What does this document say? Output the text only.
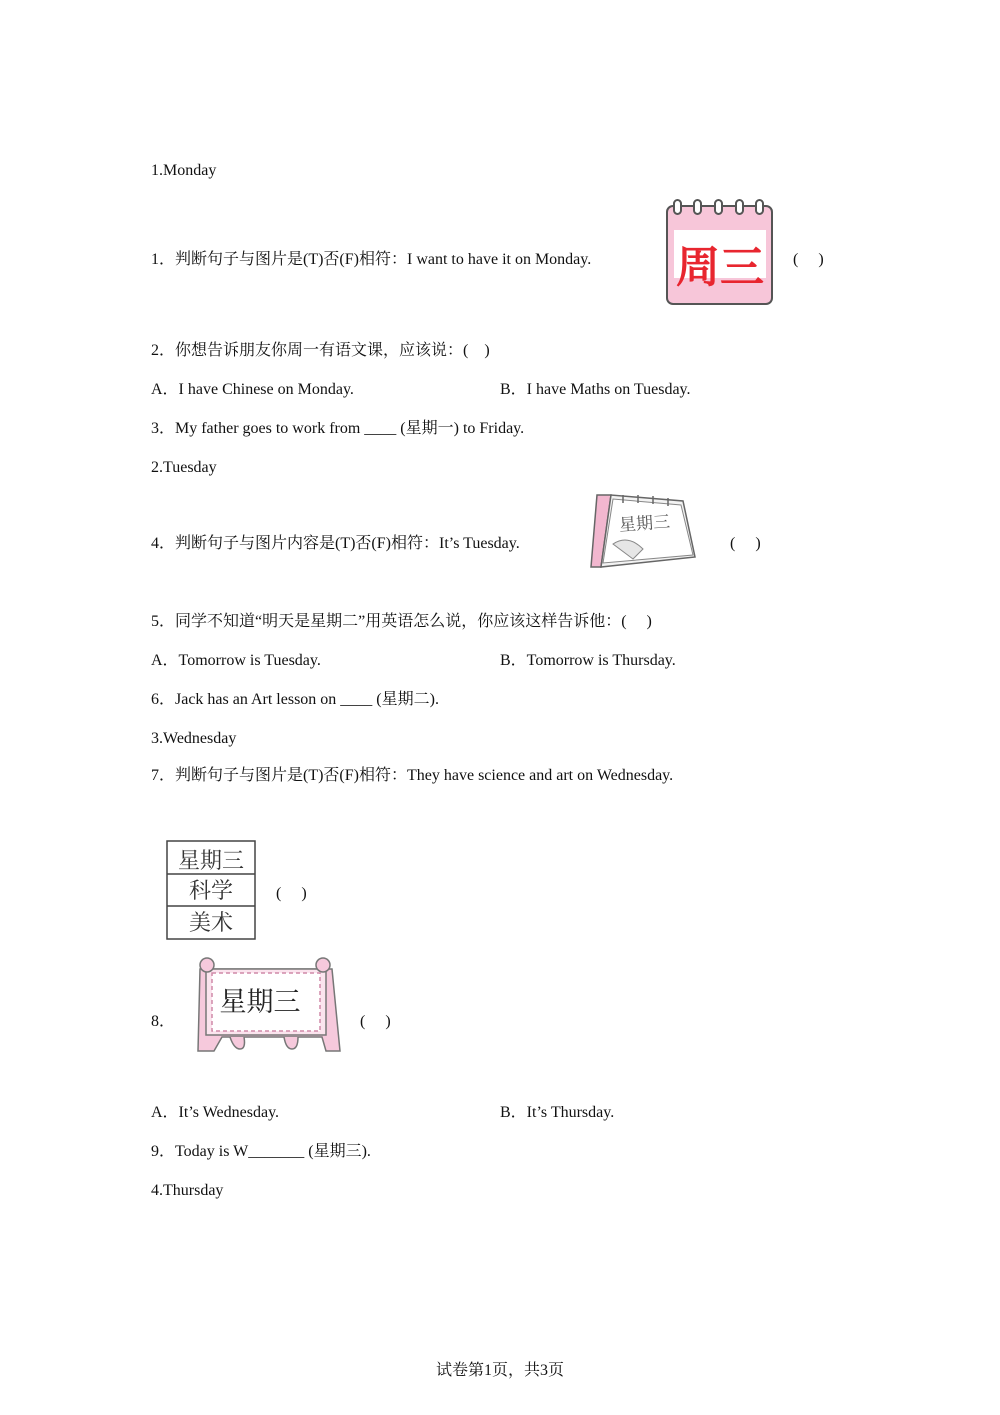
1.Monday
1．判断句子与图片是(T)否(F)相符：I want to have it on Monday. 周三 (　 )
2．你想告诉朋友你周一有语文课，应该说：(　)
A．I have Chinese on Monday.	B．I have Maths on Tuesday.
3．My father goes to work from ____ (星期一) to Friday.
2.Tuesday
4．判断句子与图片内容是(T)否(F)相符：It’s Tuesday.
星期三
(　 )
5．同学不知道“明天是星期二”用英语怎么说，你应该这样告诉他：(　 )
A．Tomorrow is Tuesday.	B．Tomorrow is Thursday.
6．Jack has an Art lesson on ____ (星期二).
3.Wednesday
7．判断句子与图片是(T)否(F)相符：They have science and art on Wednesday.
星期三
科学
美术
(　 )
8．
星期三
(　 )
A．It’s Wednesday.	B．It’s Thursday.
9．Today is W_______ (星期三).
4.Thursday
试卷第1页，共3页
